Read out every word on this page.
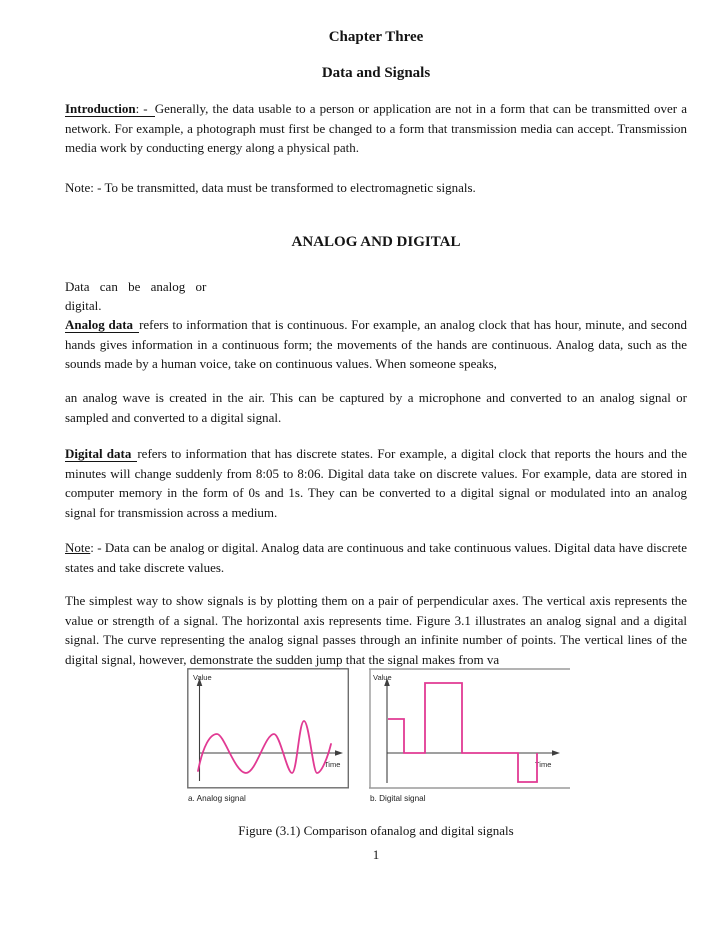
Chapter Three
Data and Signals
Introduction: - Generally, the data usable to a person or application are not in a form that can be transmitted over a network. For example, a photograph must first be changed to a form that transmission media can accept. Transmission media work by conducting energy along a physical path.
Note: - To be transmitted, data must be transformed to electromagnetic signals.
ANALOG AND DIGITAL
Data can be analog or
digital.
Analog data refers to information that is continuous. For example, an analog clock that has hour, minute, and second hands gives information in a continuous form; the movements of the hands are continuous. Analog data, such as the sounds made by a human voice, take on continuous values. When someone speaks,
an analog wave is created in the air. This can be captured by a microphone and converted to an analog signal or sampled and converted to a digital signal.
Digital data refers to information that has discrete states. For example, a digital clock that reports the hours and the minutes will change suddenly from 8:05 to 8:06. Digital data take on discrete values. For example, data are stored in computer memory in the form of 0s and 1s. They can be converted to a digital signal or modulated into an analog signal for transmission across a medium.
Note: - Data can be analog or digital. Analog data are continuous and take continuous values. Digital data have discrete states and take discrete values.
The simplest way to show signals is by plotting them on a pair of perpendicular axes. The vertical axis represents the value or strength of a signal. The horizontal axis represents time. Figure 3.1 illustrates an analog signal and a digital signal. The curve representing the analog signal passes through an infinite number of points. The vertical lines of the digital signal, however, demonstrate the sudden jump that the signal makes from va
Figure (3.1) Comparison ofanalog and digital signals
1
Value
Time
a. Analog signal
Value
Time
b. Digital signal
